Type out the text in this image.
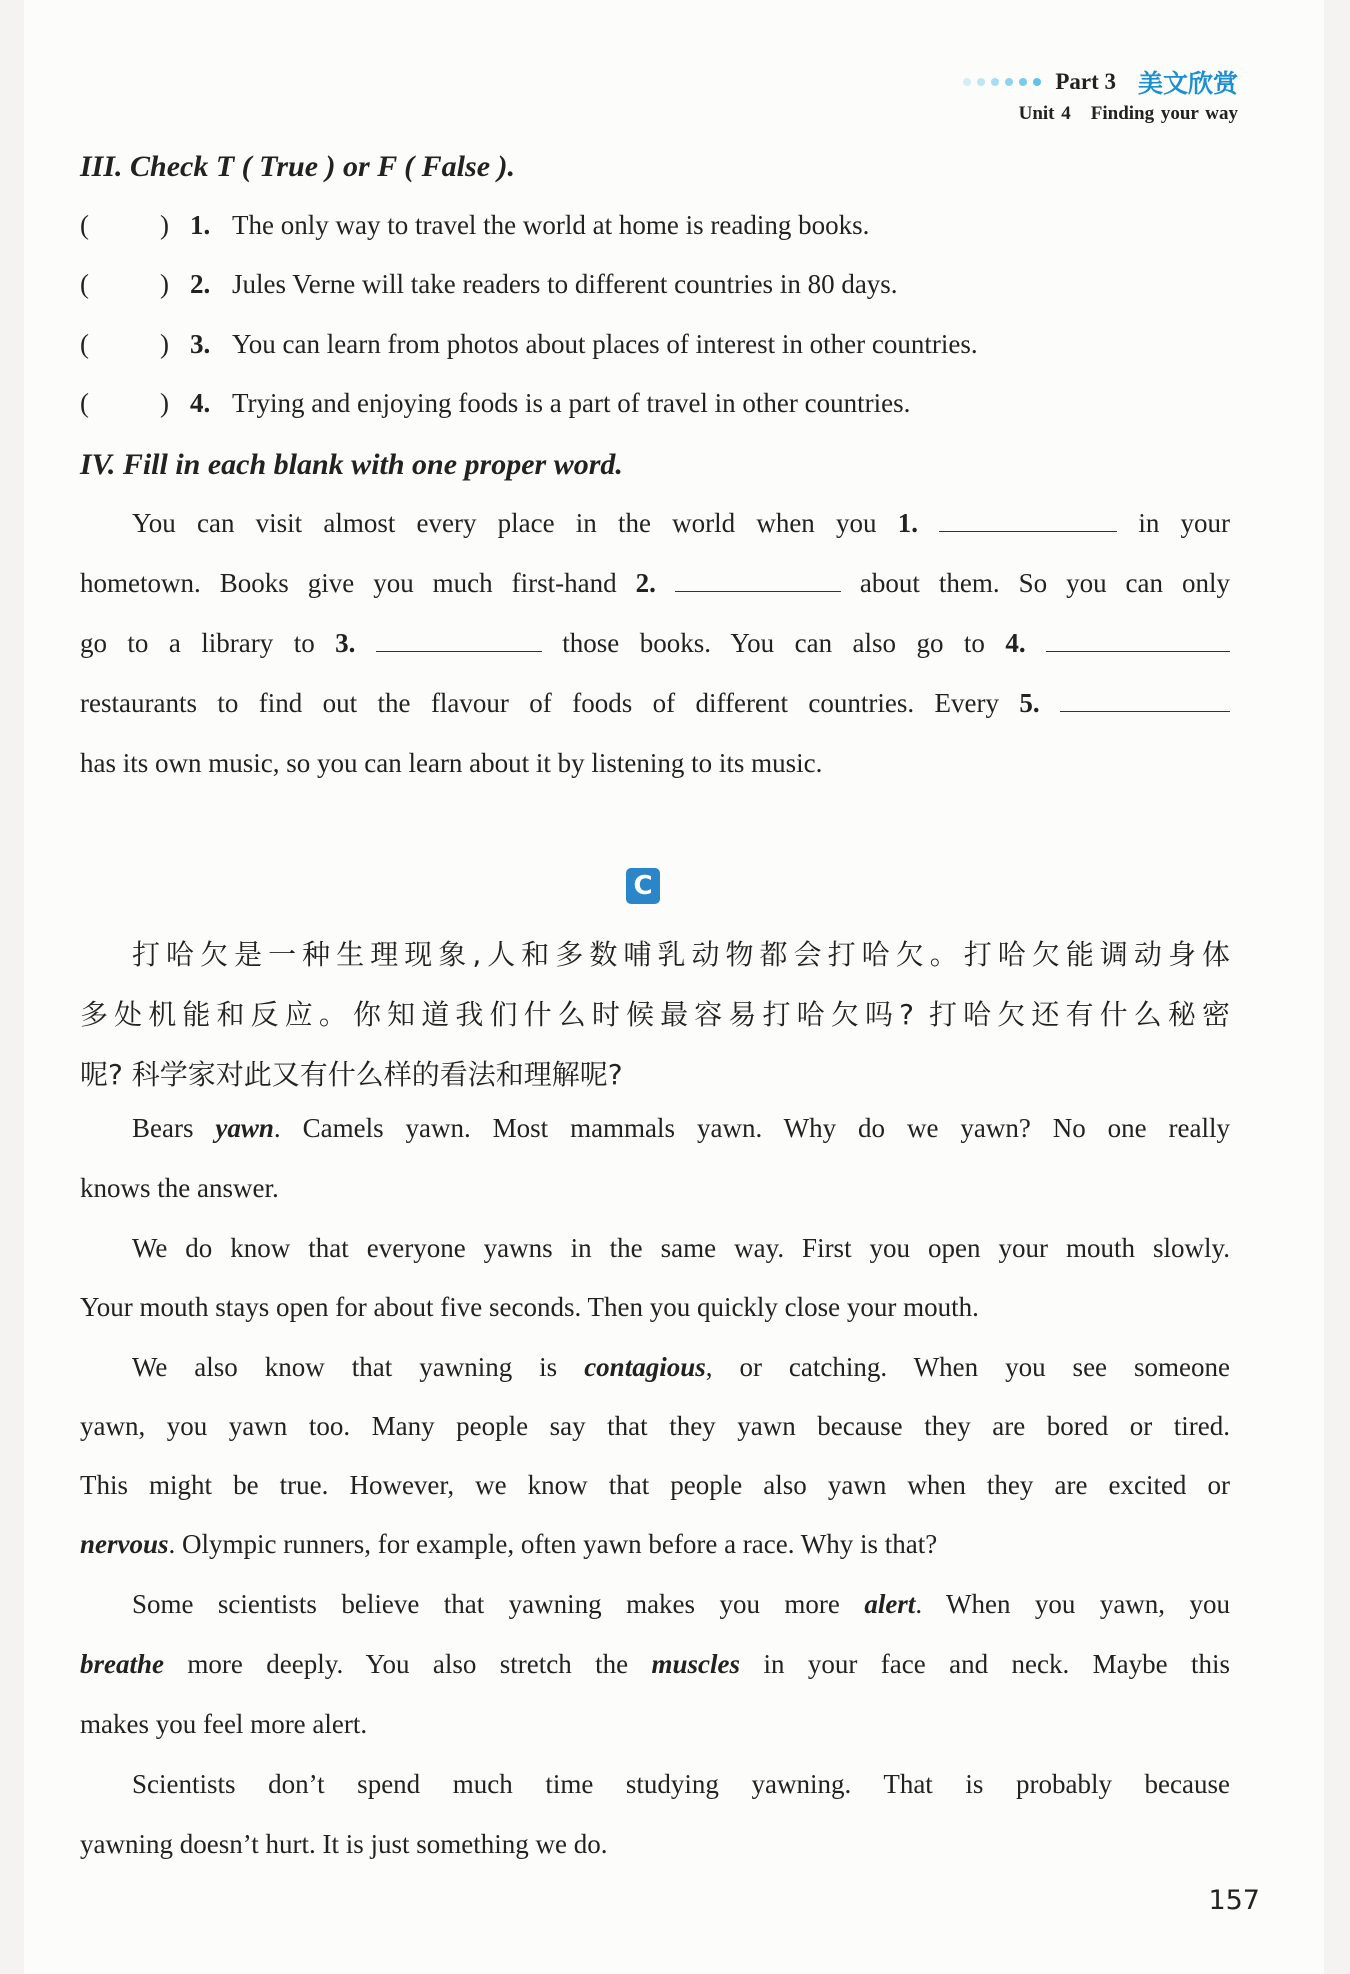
Part 3 美文欣赏
Unit 4 Finding your way
III. Check T ( True ) or F ( False ).
(	) 1. The only way to travel the world at home is reading books.
(	) 2. Jules Verne will take readers to different countries in 80 days.
(	) 3. You can learn from photos about places of interest in other countries.
(	) 4. Trying and enjoying foods is a part of travel in other countries.
IV. Fill in each blank with one proper word.
You can visit almost every place in the world when you 1.	in your
hometown. Books give you much first-hand 2.	about them. So you can only
go to a library to 3.	those books. You can also go to 4.
restaurants to find out the flavour of foods of different countries. Every 5.
has its own music, so you can learn about it by listening to its music.
C
打哈欠是一种生理现象,人和多数哺乳动物都会打哈欠。打哈欠能调动身体
多处机能和反应。你知道我们什么时候最容易打哈欠吗? 打哈欠还有什么秘密
呢? 科学家对此又有什么样的看法和理解呢?
Bears yawn. Camels yawn. Most mammals yawn. Why do we yawn? No one really
knows the answer.
We do know that everyone yawns in the same way. First you open your mouth slowly.
Your mouth stays open for about five seconds. Then you quickly close your mouth.
We also know that yawning is contagious, or catching. When you see someone
yawn, you yawn too. Many people say that they yawn because they are bored or tired.
This might be true. However, we know that people also yawn when they are excited or
nervous. Olympic runners, for example, often yawn before a race. Why is that?
Some scientists believe that yawning makes you more alert. When you yawn, you
breathe more deeply. You also stretch the muscles in your face and neck. Maybe this
makes you feel more alert.
Scientists don’t spend much time studying yawning. That is probably because
yawning doesn’t hurt. It is just something we do.
157
